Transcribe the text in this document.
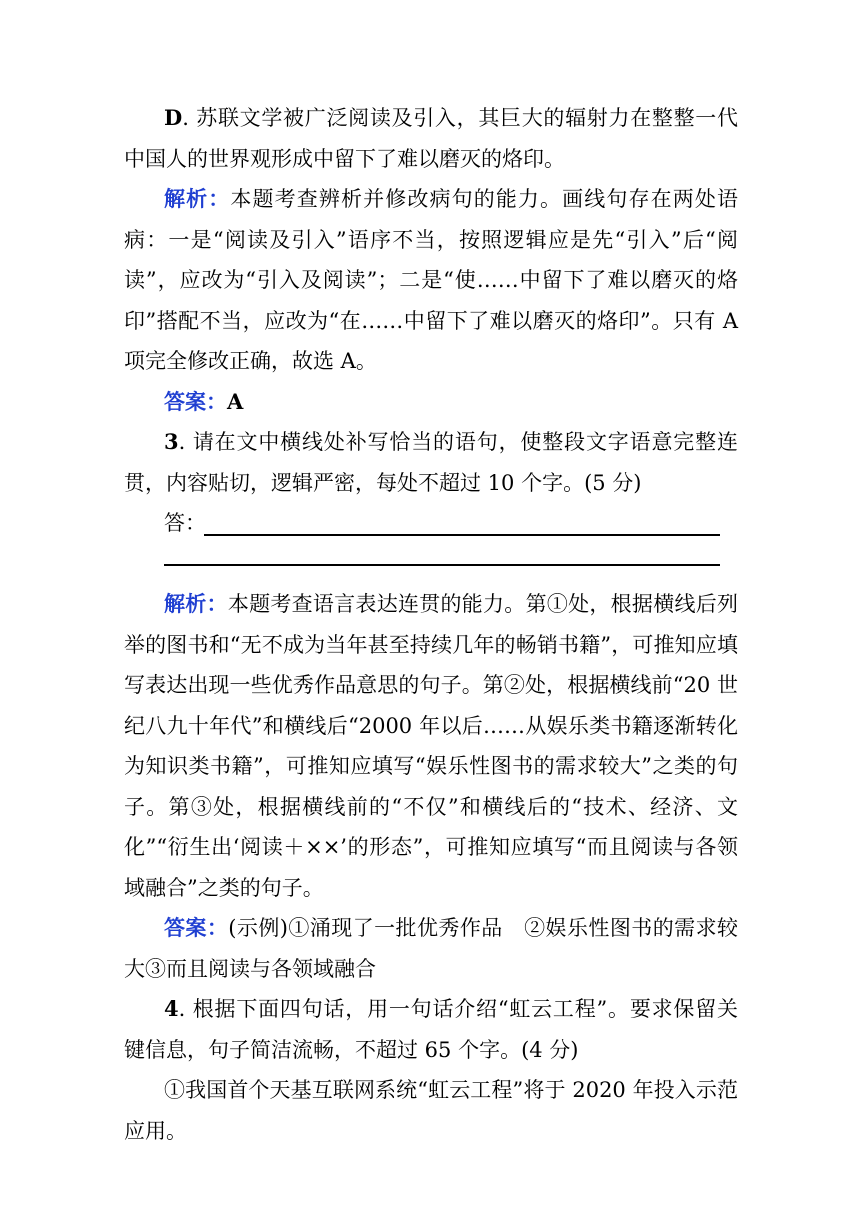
D. 苏联文学被广泛阅读及引入，其巨大的辐射力在整整一代中国人的世界观形成中留下了难以磨灭的烙印。

解析：本题考查辨析并修改病句的能力。画线句存在两处语病：一是“阅读及引入”语序不当，按照逻辑应是先“引入”后“阅读”，应改为“引入及阅读”；二是“使……中留下了难以磨灭的烙印”搭配不当，应改为“在……中留下了难以磨灭的烙印”。只有 A 项完全修改正确，故选 A。

答案：A

3. 请在文中横线处补写恰当的语句，使整段文字语意完整连贯，内容贴切，逻辑严密，每处不超过 10 个字。(5 分)

答：

解析：本题考查语言表达连贯的能力。第①处，根据横线后列举的图书和“无不成为当年甚至持续几年的畅销书籍”，可推知应填写表达出现一些优秀作品意思的句子。第②处，根据横线前“20 世纪八九十年代”和横线后“2000 年以后……从娱乐类书籍逐渐转化为知识类书籍”，可推知应填写“娱乐性图书的需求较大”之类的句子。第③处，根据横线前的“不仅”和横线后的“技术、经济、文化”“衍生出‘阅读＋××’的形态”，可推知应填写“而且阅读与各领域融合”之类的句子。

答案：(示例)①涌现了一批优秀作品　②娱乐性图书的需求较大③而且阅读与各领域融合

4. 根据下面四句话，用一句话介绍“虹云工程”。要求保留关键信息，句子简洁流畅，不超过 65 个字。(4 分)

①我国首个天基互联网系统“虹云工程”将于 2020 年投入示范应用。
